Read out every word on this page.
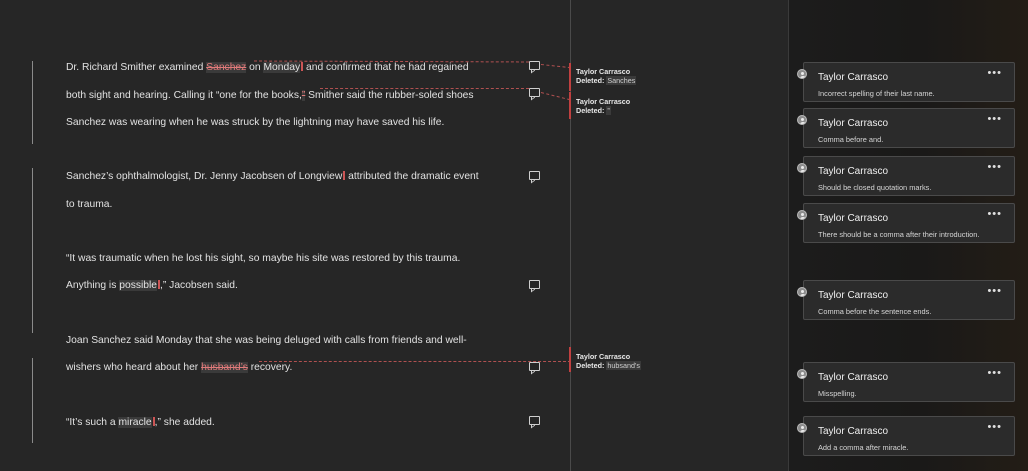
Dr. Richard Smither examined Sanchez on Monday and confirmed that he had regained
both sight and hearing. Calling it “one for the books,” Smither said the rubber-soled shoes
Sanchez was wearing when he was struck by the lightning may have saved his life.
Sanchez’s ophthalmologist, Dr. Jenny Jacobsen of Longview attributed the dramatic event
to trauma.
“It was traumatic when he lost his sight, so maybe his site was restored by this trauma.
Anything is possible ,” Jacobsen said.
Joan Sanchez said Monday that she was being deluged with calls from friends and well-
wishers who heard about her husband’s recovery.
“It’s such a miracle ,” she added.
Taylor Carrasco
Deleted: Sanches
Taylor Carrasco
Deleted: ”
Taylor Carrasco
Deleted: hubsand’s
Taylor Carrasco	•••
Incorrect spelling of their last name.
Taylor Carrasco	•••
Comma before and.
Taylor Carrasco	•••
Should be closed quotation marks.
Taylor Carrasco	•••
There should be a comma after their introduction.
Taylor Carrasco	•••
Comma before the sentence ends.
Taylor Carrasco	•••
Misspelling.
Taylor Carrasco	•••
Add a comma after miracle.
